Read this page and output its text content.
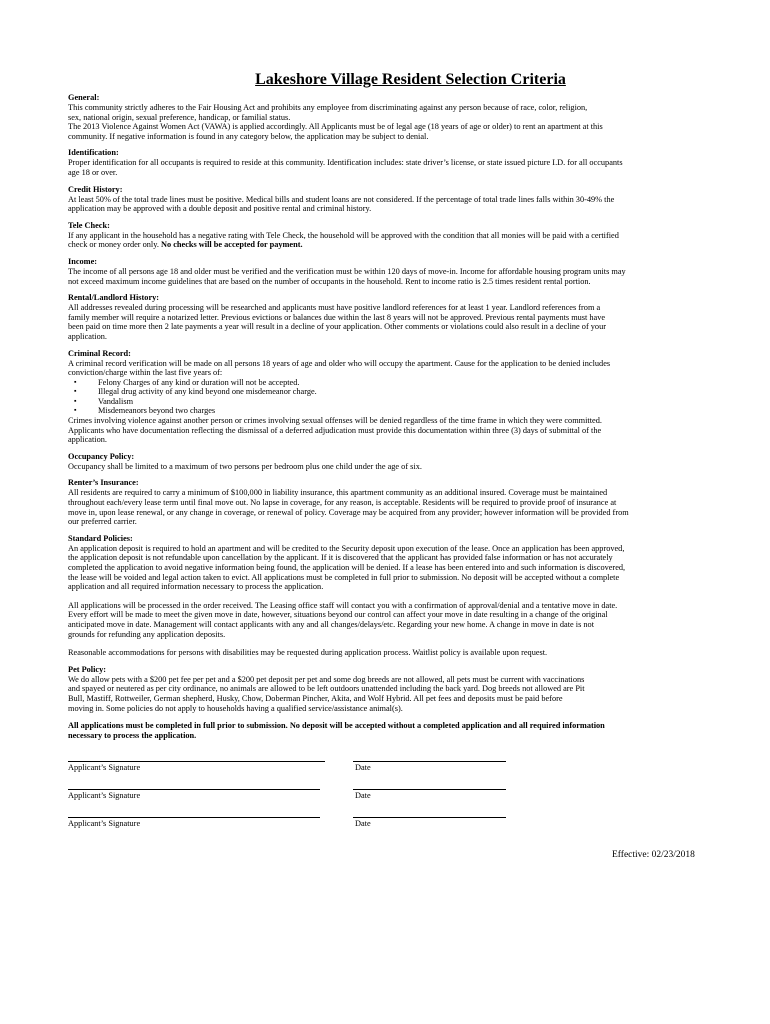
Lakeshore Village Resident Selection Criteria
General:
This community strictly adheres to the Fair Housing Act and prohibits any employee from discriminating against any person because of race, color, religion,
sex, national origin, sexual preference, handicap, or familial status.
The 2013 Violence Against Women Act (VAWA) is applied accordingly. All Applicants must be of legal age (18 years of age or older) to rent an apartment at this
community. If negative information is found in any category below, the application may be subject to denial.
Identification:
Proper identification for all occupants is required to reside at this community. Identification includes: state driver’s license, or state issued picture I.D. for all occupants
age 18 or over.
Credit History:
At least 50% of the total trade lines must be positive. Medical bills and student loans are not considered. If the percentage of total trade lines falls within 30-49% the
application may be approved with a double deposit and positive rental and criminal history.
Tele Check:
If any applicant in the household has a negative rating with Tele Check, the household will be approved with the condition that all monies will be paid with a certified
check or money order only. No checks will be accepted for payment.
Income:
The income of all persons age 18 and older must be verified and the verification must be within 120 days of move-in. Income for affordable housing program units may
not exceed maximum income guidelines that are based on the number of occupants in the household. Rent to income ratio is 2.5 times resident rental portion.
Rental/Landlord History:
All addresses revealed during processing will be researched and applicants must have positive landlord references for at least 1 year. Landlord references from a
family member will require a notarized letter. Previous evictions or balances due within the last 8 years will not be approved. Previous rental payments must have
been paid on time more then 2 late payments a year will result in a decline of your application. Other comments or violations could also result in a decline of your
application.
Criminal Record:
A criminal record verification will be made on all persons 18 years of age and older who will occupy the apartment. Cause for the application to be denied includes
conviction/charge within the last five years of:
▪ Felony Charges of any kind or duration will not be accepted.
▪ Illegal drug activity of any kind beyond one misdemeanor charge.
▪ Vandalism
▪ Misdemeanors beyond two charges
Crimes involving violence against another person or crimes involving sexual offenses will be denied regardless of the time frame in which they were committed.
Applicants who have documentation reflecting the dismissal of a deferred adjudication must provide this documentation within three (3) days of submittal of the
application.
Occupancy Policy:
Occupancy shall be limited to a maximum of two persons per bedroom plus one child under the age of six.
Renter’s Insurance:
All residents are required to carry a minimum of $100,000 in liability insurance, this apartment community as an additional insured. Coverage must be maintained
throughout each/every lease term until final move out. No lapse in coverage, for any reason, is acceptable. Residents will be required to provide proof of insurance at
move in, upon lease renewal, or any change in coverage, or renewal of policy. Coverage may be acquired from any provider; however information will be provided from
our preferred carrier.
Standard Policies:
An application deposit is required to hold an apartment and will be credited to the Security deposit upon execution of the lease. Once an application has been approved,
the application deposit is not refundable upon cancellation by the applicant. If it is discovered that the applicant has provided false information or has not accurately
completed the application to avoid negative information being found, the application will be denied. If a lease has been entered into and such information is discovered,
the lease will be voided and legal action taken to evict. All applications must be completed in full prior to submission. No deposit will be accepted without a complete
application and all required information necessary to process the application.
All applications will be processed in the order received. The Leasing office staff will contact you with a confirmation of approval/denial and a tentative move in date.
Every effort will be made to meet the given move in date, however, situations beyond our control can affect your move in date resulting in a change of the original
anticipated move in date. Management will contact applicants with any and all changes/delays/etc. Regarding your new home. A change in move in date is not
grounds for refunding any application deposits.
Reasonable accommodations for persons with disabilities may be requested during application process. Waitlist policy is available upon request.
Pet Policy:
We do allow pets with a $200 pet fee per pet and a $200 pet deposit per pet and some dog breeds are not allowed, all pets must be current with vaccinations
and spayed or neutered as per city ordinance, no animals are allowed to be left outdoors unattended including the back yard. Dog breeds not allowed are Pit
Bull, Mastiff, Rottweiler, German shepherd, Husky, Chow, Doberman Pincher, Akita, and Wolf Hybrid. All pet fees and deposits must be paid before
moving in. Some policies do not apply to households having a qualified service/assistance animal(s).
All applications must be completed in full prior to submission. No deposit will be accepted without a completed application and all required information
necessary to process the application.
Applicant’s Signature	Date
Applicant’s Signature	Date
Applicant’s Signature	Date
Effective: 02/23/2018
